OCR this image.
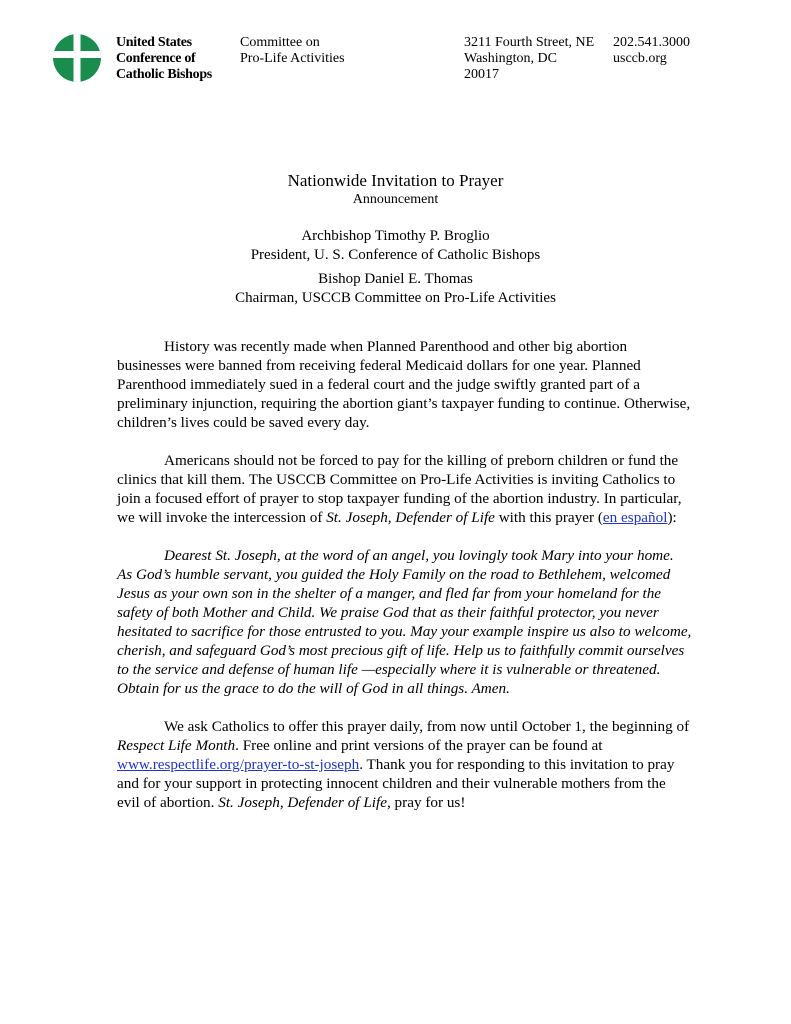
United States
Conference of
Catholic Bishops
Committee on
Pro-Life Activities
3211 Fourth Street, NE
Washington, DC
20017
202.541.3000
usccb.org
Nationwide Invitation to Prayer
Announcement
Archbishop Timothy P. Broglio
President, U. S. Conference of Catholic Bishops
Bishop Daniel E. Thomas
Chairman, USCCB Committee on Pro-Life Activities

History was recently made when Planned Parenthood and other big abortion businesses were banned from receiving federal Medicaid dollars for one year. Planned Parenthood immediately sued in a federal court and the judge swiftly granted part of a preliminary injunction, requiring the abortion giant’s taxpayer funding to continue. Otherwise, children’s lives could be saved every day.

Americans should not be forced to pay for the killing of preborn children or fund the clinics that kill them. The USCCB Committee on Pro-Life Activities is inviting Catholics to join a focused effort of prayer to stop taxpayer funding of the abortion industry. In particular, we will invoke the intercession of St. Joseph, Defender of Life with this prayer (en español):

Dearest St. Joseph, at the word of an angel, you lovingly took Mary into your home. As God’s humble servant, you guided the Holy Family on the road to Bethlehem, welcomed Jesus as your own son in the shelter of a manger, and fled far from your homeland for the safety of both Mother and Child. We praise God that as their faithful protector, you never hesitated to sacrifice for those entrusted to you. May your example inspire us also to welcome, cherish, and safeguard God’s most precious gift of life. Help us to faithfully commit ourselves to the service and defense of human life —especially where it is vulnerable or threatened. Obtain for us the grace to do the will of God in all things. Amen.

We ask Catholics to offer this prayer daily, from now until October 1, the beginning of Respect Life Month. Free online and print versions of the prayer can be found at www.respectlife.org/prayer-to-st-joseph. Thank you for responding to this invitation to pray and for your support in protecting innocent children and their vulnerable mothers from the evil of abortion. St. Joseph, Defender of Life, pray for us!
